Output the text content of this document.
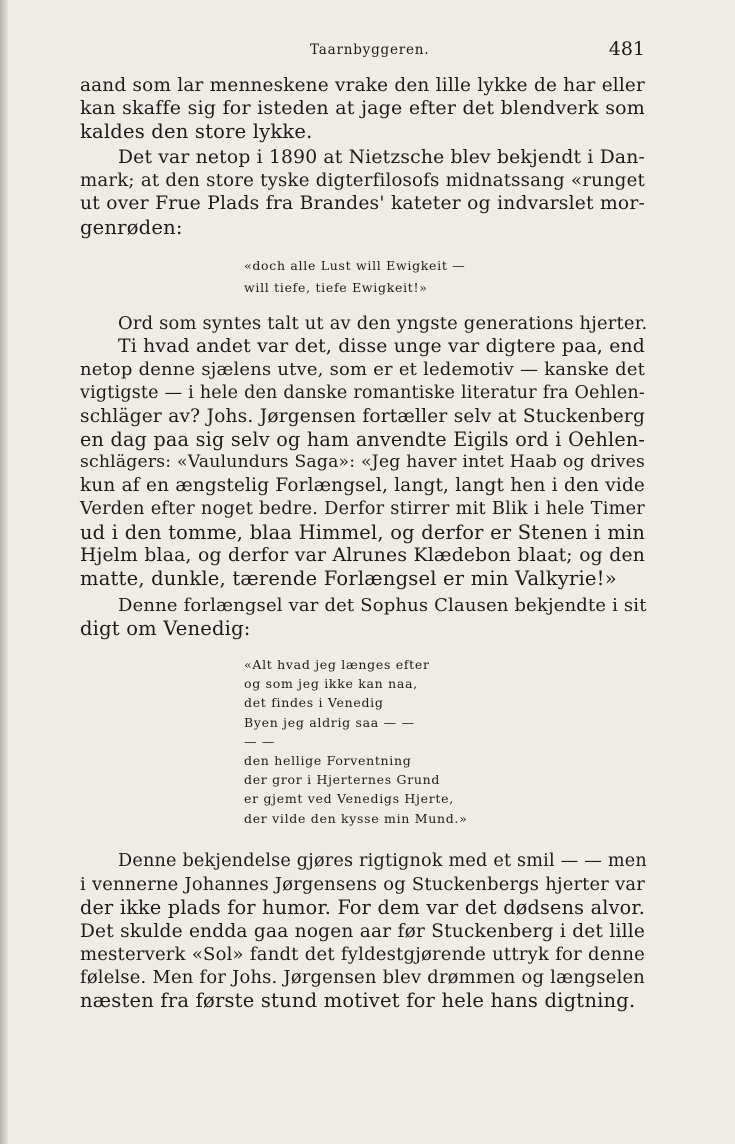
Taarnbyggeren.	481

aand som lar menneskene vrake den lille lykke de har eller
kan skaffe sig for isteden at jage efter det blendverk som
kaldes den store lykke.

Det var netop i 1890 at Nietzsche blev bekjendt i Dan-
mark; at den store tyske digterfilosofs midnatssang «runget
ut over Frue Plads fra Brandes' kateter og indvarslet mor-
genrøden:

«doch alle Lust will Ewigkeit —
will tiefe, tiefe Ewigkeit!»

Ord som syntes talt ut av den yngste generations hjerter.
Ti hvad andet var det, disse unge var digtere paa, end
netop denne sjælens utve, som er et ledemotiv — kanske det
vigtigste — i hele den danske romantiske literatur fra Oehlen-
schläger av? Johs. Jørgensen fortæller selv at Stuckenberg
en dag paa sig selv og ham anvendte Eigils ord i Oehlen-
schlägers: «Vaulundurs Saga»: «Jeg haver intet Haab og drives
kun af en ængstelig Forlængsel, langt, langt hen i den vide
Verden efter noget bedre. Derfor stirrer mit Blik i hele Timer
ud i den tomme, blaa Himmel, og derfor er Stenen i min
Hjelm blaa, og derfor var Alrunes Klædebon blaat; og den
matte, dunkle, tærende Forlængsel er min Valkyrie!»

Denne forlængsel var det Sophus Clausen bekjendte i sit
digt om Venedig:

«Alt hvad jeg længes efter
og som jeg ikke kan naa,
det findes i Venedig
Byen jeg aldrig saa — —
— —
den hellige Forventning
der gror i Hjerternes Grund
er gjemt ved Venedigs Hjerte,
der vilde den kysse min Mund.»

Denne bekjendelse gjøres rigtignok med et smil — — men
i vennerne Johannes Jørgensens og Stuckenbergs hjerter var
der ikke plads for humor. For dem var det dødsens alvor.
Det skulde endda gaa nogen aar før Stuckenberg i det lille
mesterverk «Sol» fandt det fyldestgjørende uttryk for denne
følelse. Men for Johs. Jørgensen blev drømmen og længselen
næsten fra første stund motivet for hele hans digtning.
